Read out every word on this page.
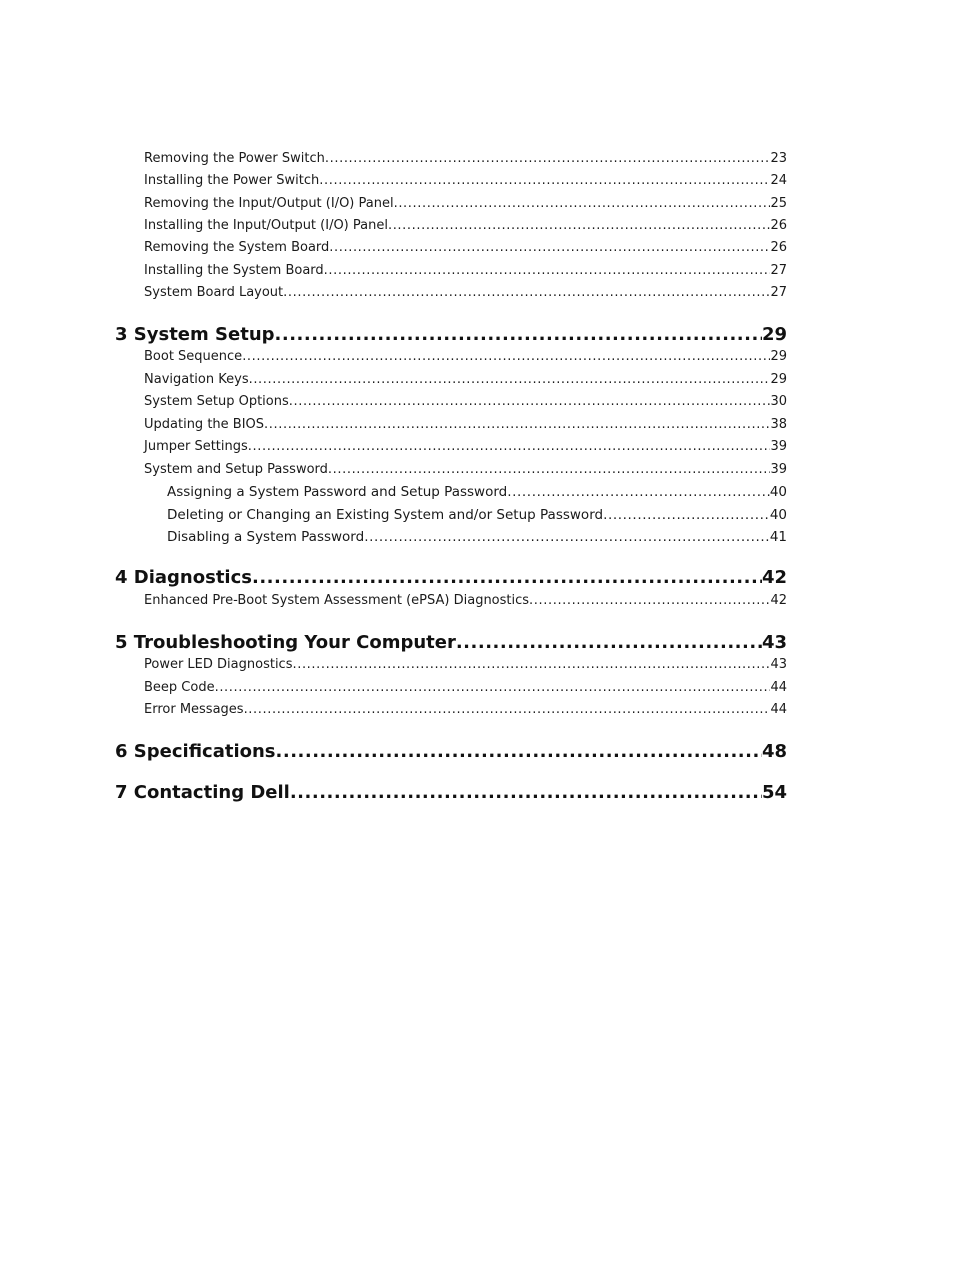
Removing the Power Switch .....	23
Installing the Power Switch .....	24
Removing the Input/Output (I/O) Panel .....	25
Installing the Input/Output (I/O) Panel .....	26
Removing the System Board .....	26
Installing the System Board .....	27
System Board Layout .....	27
3 System Setup .....	29
Boot Sequence .....	29
Navigation Keys .....	29
System Setup Options .....	30
Updating the BIOS .....	38
Jumper Settings .....	39
System and Setup Password .....	39
Assigning a System Password and Setup Password .....	40
Deleting or Changing an Existing System and/or Setup Password .....	40
Disabling a System Password .....	41
4 Diagnostics .....	42
Enhanced Pre-Boot System Assessment (ePSA) Diagnostics .....	42
5 Troubleshooting Your Computer .....	43
Power LED Diagnostics .....	43
Beep Code .....	44
Error Messages .....	44
6 Specifications .....	48
7 Contacting Dell .....	54
